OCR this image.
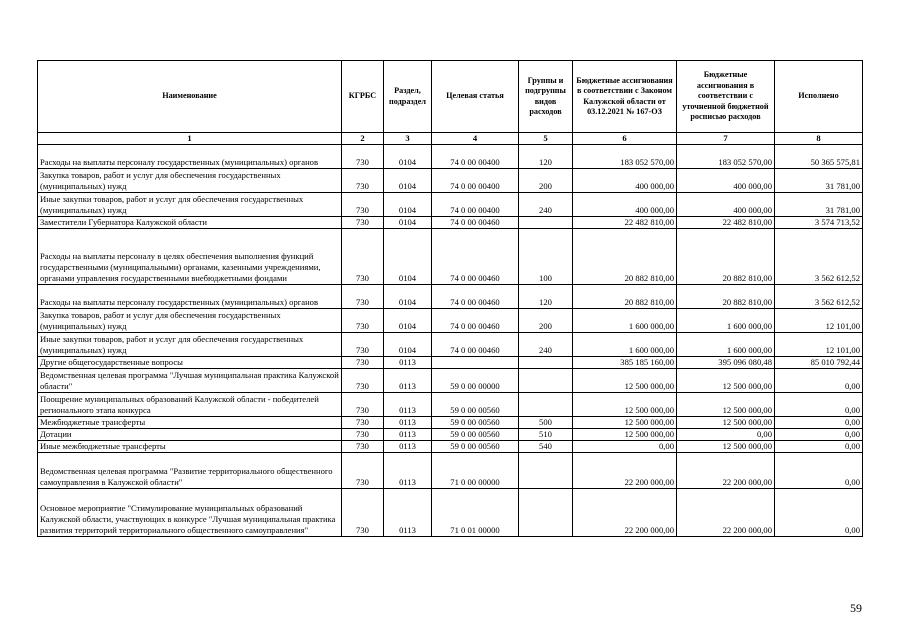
Наименование	КГРБС	Раздел, подраздел	Целевая статья	Группы и подгруппы видов расходов	Бюджетные ассигнования в соответствии с Законом Калужской области от 03.12.2021 № 167-ОЗ	Бюджетные ассигнования в соответствии с уточненной бюджетной росписью расходов	Исполнено
1	2	3	4	5	6	7	8
Расходы на выплаты персоналу государственных (муниципальных) органов	730	0104	74 0 00 00400	120	183 052 570,00	183 052 570,00	50 365 575,81
Закупка товаров, работ и услуг для обеспечения государственных (муниципальных) нужд	730	0104	74 0 00 00400	200	400 000,00	400 000,00	31 781,00
Иные закупки товаров, работ и услуг для обеспечения государственных (муниципальных) нужд	730	0104	74 0 00 00400	240	400 000,00	400 000,00	31 781,00
Заместители Губернатора Калужской области	730	0104	74 0 00 00460		22 482 810,00	22 482 810,00	3 574 713,52
Расходы на выплаты персоналу в целях обеспечения выполнения функций государственными (муниципальными) органами, казенными учреждениями, органами управления государственными внебюджетными фондами	730	0104	74 0 00 00460	100	20 882 810,00	20 882 810,00	3 562 612,52
Расходы на выплаты персоналу государственных (муниципальных) органов	730	0104	74 0 00 00460	120	20 882 810,00	20 882 810,00	3 562 612,52
Закупка товаров, работ и услуг для обеспечения государственных (муниципальных) нужд	730	0104	74 0 00 00460	200	1 600 000,00	1 600 000,00	12 101,00
Иные закупки товаров, работ и услуг для обеспечения государственных (муниципальных) нужд	730	0104	74 0 00 00460	240	1 600 000,00	1 600 000,00	12 101,00
Другие общегосударственные вопросы	730	0113			385 185 160,00	395 096 080,48	85 010 792,44
Ведомственная целевая программа "Лучшая муниципальная практика Калужской области"	730	0113	59 0 00 00000		12 500 000,00	12 500 000,00	0,00
Поощрение муниципальных образований Калужской области - победителей регионального этапа конкурса	730	0113	59 0 00 00560		12 500 000,00	12 500 000,00	0,00
Межбюджетные трансферты	730	0113	59 0 00 00560	500	12 500 000,00	12 500 000,00	0,00
Дотации	730	0113	59 0 00 00560	510	12 500 000,00	0,00	0,00
Иные межбюджетные трансферты	730	0113	59 0 00 00560	540	0,00	12 500 000,00	0,00
Ведомственная целевая программа "Развитие территориального общественного самоуправления в Калужской области"	730	0113	71 0 00 00000		22 200 000,00	22 200 000,00	0,00
Основное мероприятие "Стимулирование муниципальных образований Калужской области, участвующих в конкурсе "Лучшая муниципальная практика развития территорий территориального общественного самоуправления"	730	0113	71 0 01 00000		22 200 000,00	22 200 000,00	0,00
59
